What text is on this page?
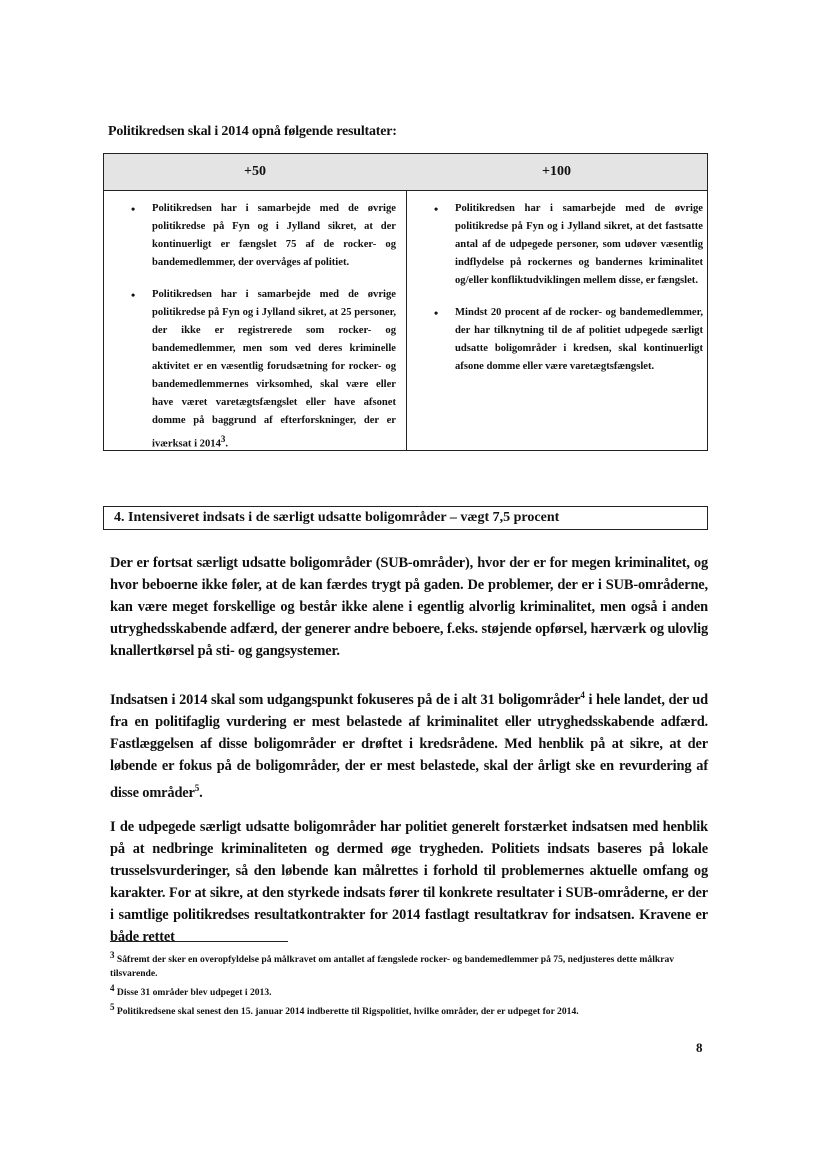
Politikredsen skal i 2014 opnå følgende resultater:
+50
• Politikredsen har i samarbejde med de øvrige politikredse på Fyn og i Jylland sikret, at der kontinuerligt er fængslet 75 af de rocker- og bandemedlemmer, der overvåges af politiet.
• Politikredsen har i samarbejde med de øvrige politikredse på Fyn og i Jylland sikret, at 25 personer, der ikke er registrerede som rocker- og bandemedlemmer, men som ved deres kriminelle aktivitet er en væsentlig forudsætning for rocker- og bandemedlemmernes virksomhed, skal være eller have været varetægtsfængslet eller have afsonet domme på baggrund af efterforskninger, der er iværksat i $2014^3$.
+100
• Politikredsen har i samarbejde med de øvrige politikredse på Fyn og i Jylland sikret, at det fastsatte antal af de udpegede personer, som udøver væsentlig indflydelse på rockernes og bandernes kriminalitet og/eller konfliktudviklingen mellem disse, er fængslet.
• Mindst 20 procent af de rocker- og bandemedlemmer, der har tilknytning til de af politiet udpegede særligt udsatte boligområder i kredsen, skal kontinuerligt afsone domme eller være varetægtsfængslet.
4. Intensiveret indsats i de særligt udsatte boligområder – vægt 7,5 procent
Der er fortsat særligt udsatte boligområder (SUB-områder), hvor der er for megen kriminalitet, og hvor beboerne ikke føler, at de kan færdes trygt på gaden. De problemer, der er i SUB-områderne, kan være meget forskellige og består ikke alene i egentlig alvorlig kriminalitet, men også i anden utryghedsskabende adfærd, der generer andre beboere, f.eks. støjende opførsel, hærværk og ulovlig knallertkørsel på sti- og gangsystemer.
Indsatsen i 2014 skal som udgangspunkt fokuseres på de i alt 31 boligområder$^4$ i hele landet, der ud fra en politifaglig vurdering er mest belastede af kriminalitet eller utryghedsskabende adfærd. Fastlæggelsen af disse boligområder er drøftet i kredsrådene. Med henblik på at sikre, at der løbende er fokus på de boligområder, der er mest belastede, skal der årligt ske en revurdering af disse områder$^5$.
I de udpegede særligt udsatte boligområder har politiet generelt forstærket indsatsen med henblik på at nedbringe kriminaliteten og dermed øge trygheden. Politiets indsats baseres på lokale trusselsvurderinger, så den løbende kan målrettes i forhold til problemernes aktuelle omfang og karakter. For at sikre, at den styrkede indsats fører til konkrete resultater i SUB-områderne, er der i samtlige politikredses resultatkontrakter for 2014 fastlagt resultatkrav for indsatsen. Kravene er både rettet
$^3$ Såfremt der sker en overopfyldelse på målkravet om antallet af fængslede rocker- og bandemedlemmer på 75, nedjusteres dette målkrav tilsvarende.
$^4$ Disse 31 områder blev udpeget i 2013.
$^5$ Politikredsene skal senest den 15. januar 2014 indberette til Rigspolitiet, hvilke områder, der er udpeget for 2014.
8
